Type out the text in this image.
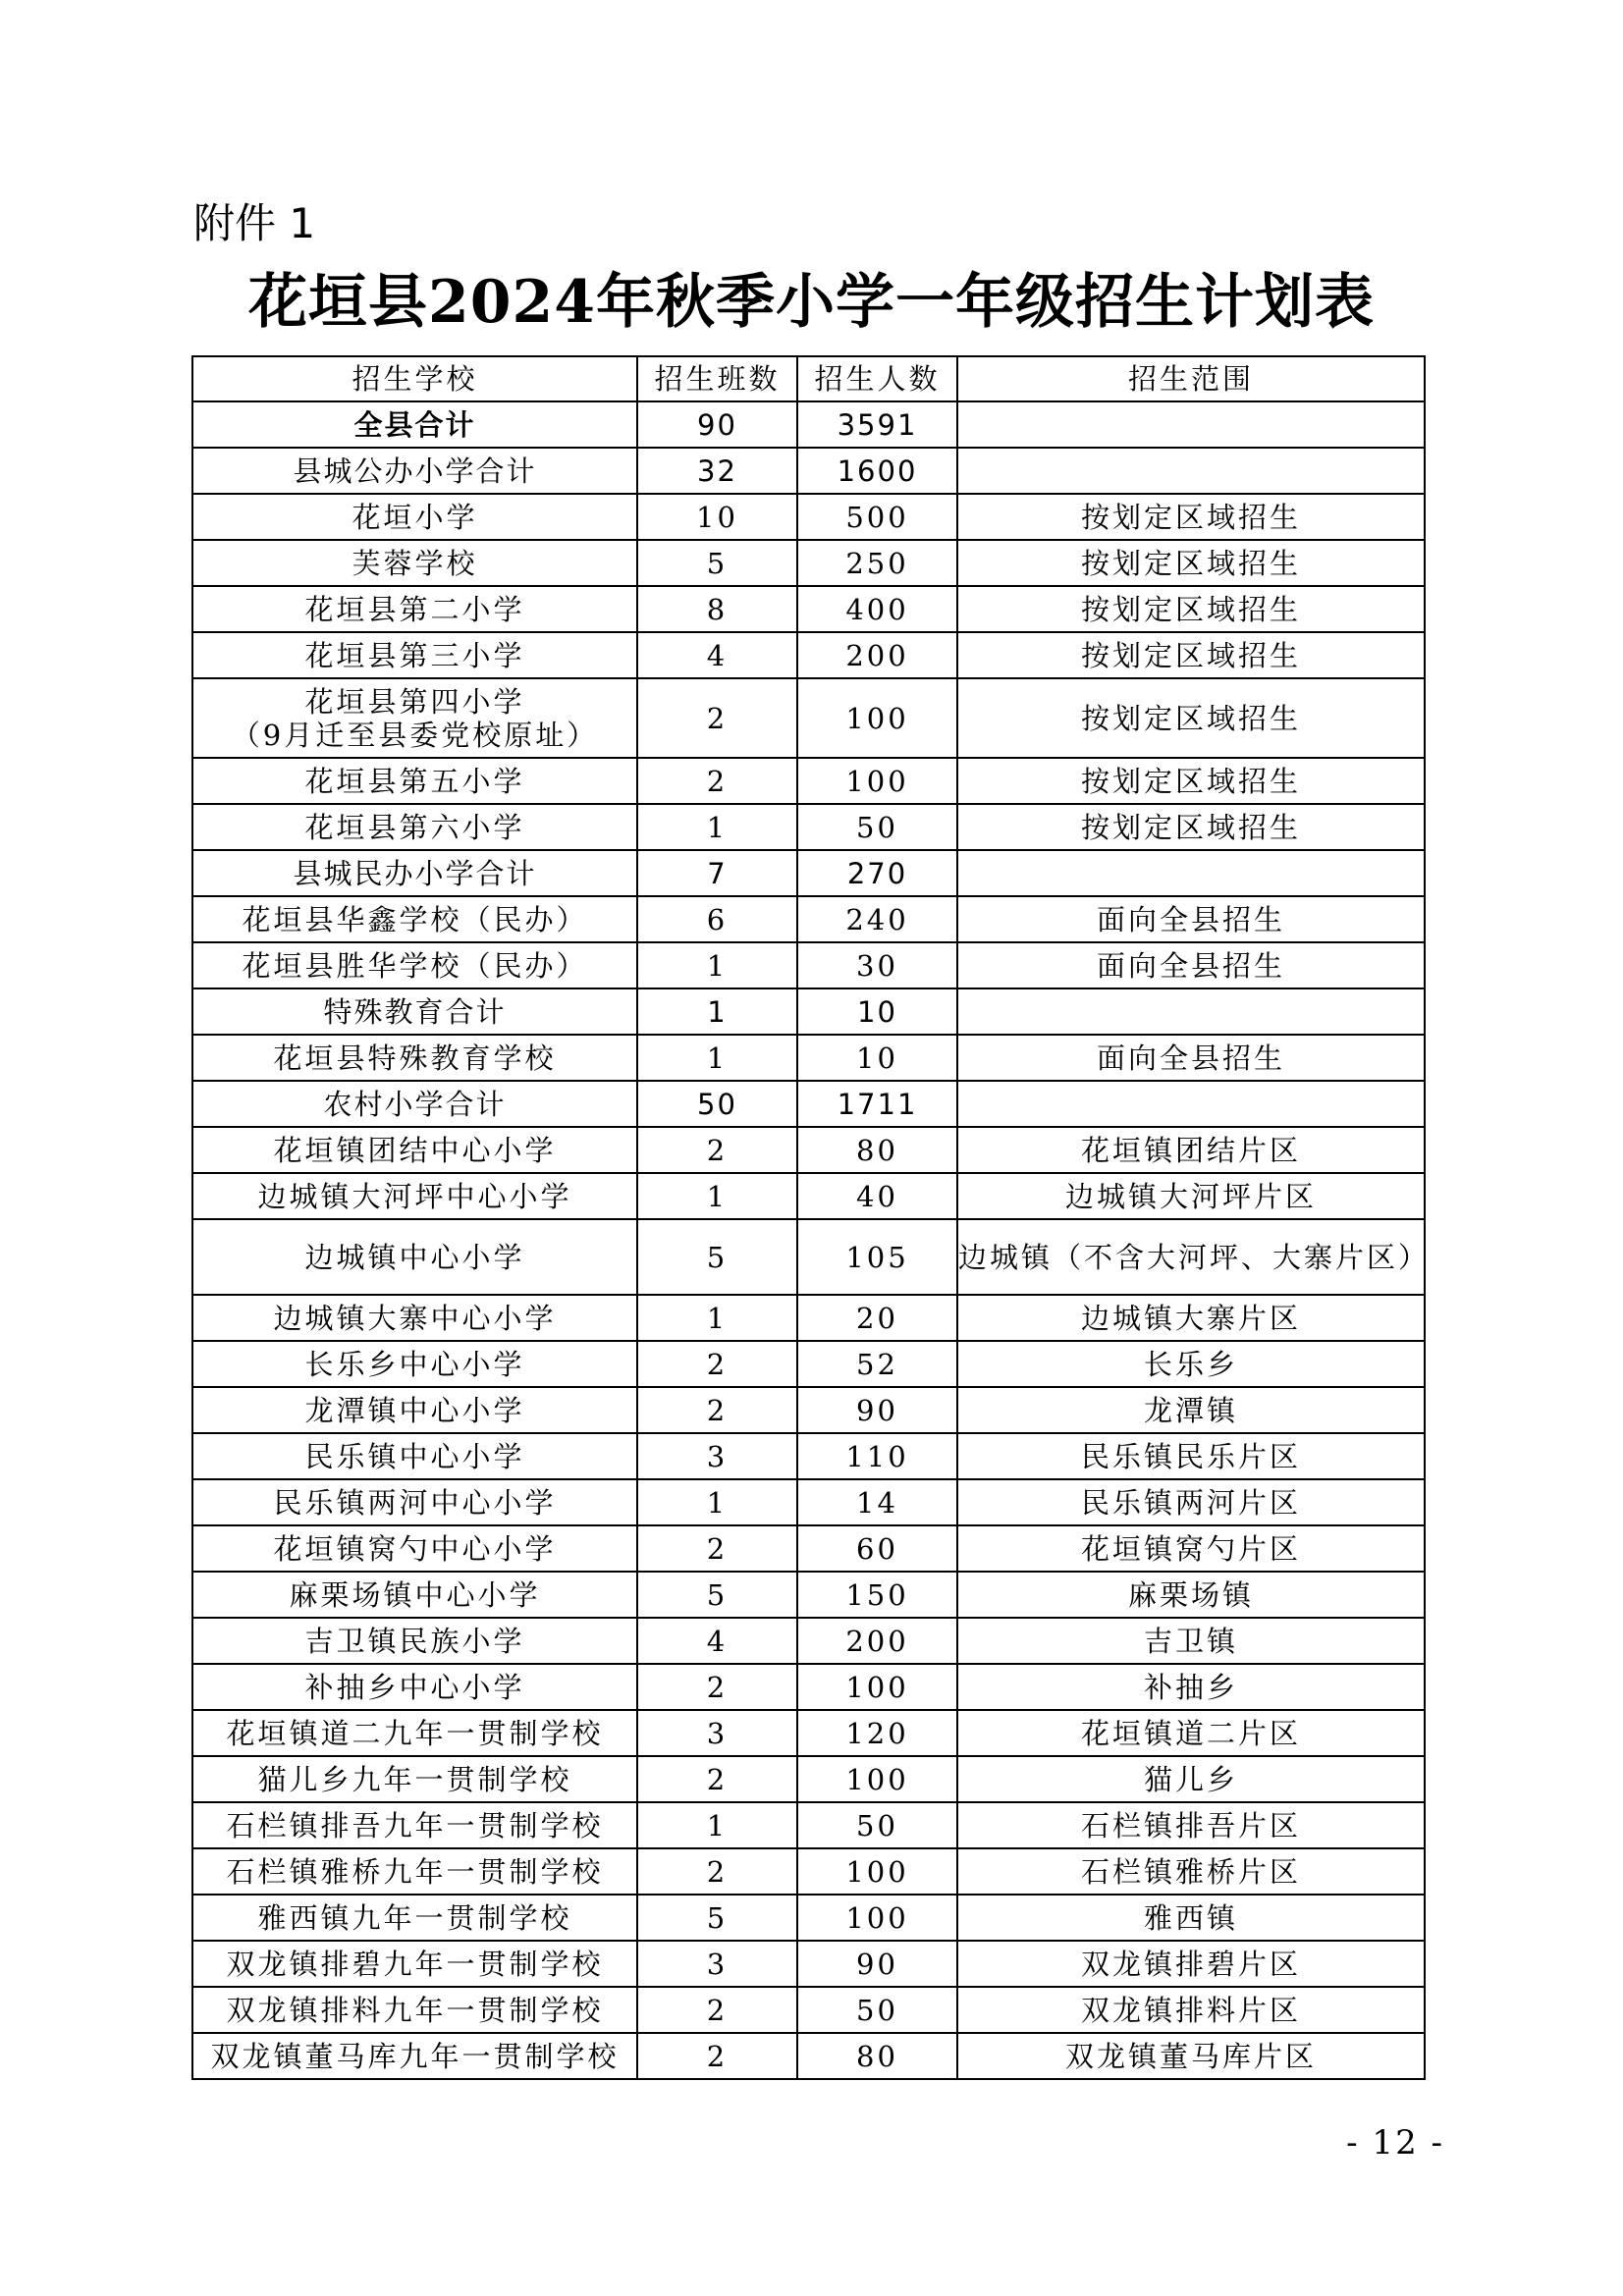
附件 1
花垣县2024年秋季小学一年级招生计划表
招生学校	招生班数	招生人数	招生范围

全县合计	90	3591	

县城公办小学合计	32	1600	

花垣小学	10	500	按划定区域招生

芙蓉学校	5	250	按划定区域招生

花垣县第二小学	8	400	按划定区域招生

花垣县第三小学	4	200	按划定区域招生

花垣县第四小学
（9月迁至县委党校原址）	2	100	按划定区域招生

花垣县第五小学	2	100	按划定区域招生

花垣县第六小学	1	50	按划定区域招生

县城民办小学合计	7	270	

花垣县华鑫学校（民办）	6	240	面向全县招生

花垣县胜华学校（民办）	1	30	面向全县招生

特殊教育合计	1	10	

花垣县特殊教育学校	1	10	面向全县招生

农村小学合计	50	1711	

花垣镇团结中心小学	2	80	花垣镇团结片区

边城镇大河坪中心小学	1	40	边城镇大河坪片区

边城镇中心小学	5	105	边城镇（不含大河坪、大寨片区）

边城镇大寨中心小学	1	20	边城镇大寨片区

长乐乡中心小学	2	52	长乐乡

龙潭镇中心小学	2	90	龙潭镇

民乐镇中心小学	3	110	民乐镇民乐片区

民乐镇两河中心小学	1	14	民乐镇两河片区

花垣镇窝勺中心小学	2	60	花垣镇窝勺片区

麻栗场镇中心小学	5	150	麻栗场镇

吉卫镇民族小学	4	200	吉卫镇

补抽乡中心小学	2	100	补抽乡

花垣镇道二九年一贯制学校	3	120	花垣镇道二片区

猫儿乡九年一贯制学校	2	100	猫儿乡

石栏镇排吾九年一贯制学校	1	50	石栏镇排吾片区

石栏镇雅桥九年一贯制学校	2	100	石栏镇雅桥片区

雅西镇九年一贯制学校	5	100	雅西镇

双龙镇排碧九年一贯制学校	3	90	双龙镇排碧片区

双龙镇排料九年一贯制学校	2	50	双龙镇排料片区

双龙镇董马库九年一贯制学校	2	80	双龙镇董马库片区
- 12 -
